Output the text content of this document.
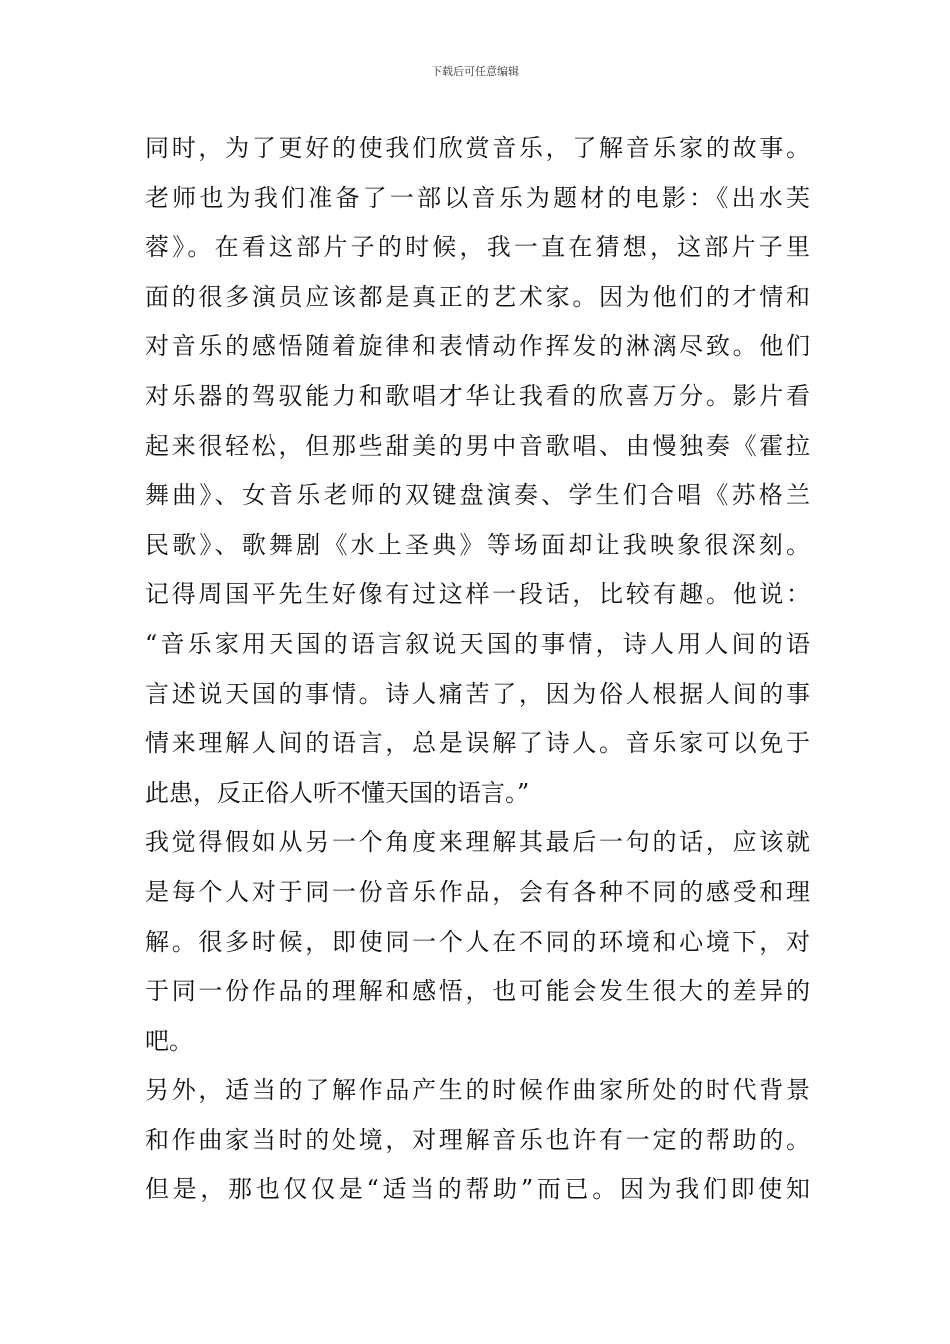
下载后可任意编辑
同时，为了更好的使我们欣赏音乐，了解音乐家的故事。
老师也为我们准备了一部以音乐为题材的电影：《出水芙
蓉》。在看这部片子的时候，我一直在猜想，这部片子里
面的很多演员应该都是真正的艺术家。因为他们的才情和
对音乐的感悟随着旋律和表情动作挥发的淋漓尽致。他们
对乐器的驾驭能力和歌唱才华让我看的欣喜万分。影片看
起来很轻松，但那些甜美的男中音歌唱、由慢独奏《霍拉
舞曲》、女音乐老师的双键盘演奏、学生们合唱《苏格兰
民歌》、歌舞剧《水上圣典》等场面却让我映象很深刻。
记得周国平先生好像有过这样一段话，比较有趣。他说：
“音乐家用天国的语言叙说天国的事情，诗人用人间的语
言述说天国的事情。诗人痛苦了，因为俗人根据人间的事
情来理解人间的语言，总是误解了诗人。音乐家可以免于
此患，反正俗人听不懂天国的语言。”
我觉得假如从另一个角度来理解其最后一句的话，应该就
是每个人对于同一份音乐作品，会有各种不同的感受和理
解。很多时候，即使同一个人在不同的环境和心境下，对
于同一份作品的理解和感悟，也可能会发生很大的差异的
吧。
另外，适当的了解作品产生的时候作曲家所处的时代背景
和作曲家当时的处境，对理解音乐也许有一定的帮助的。
但是，那也仅仅是“适当的帮助”而已。因为我们即使知
